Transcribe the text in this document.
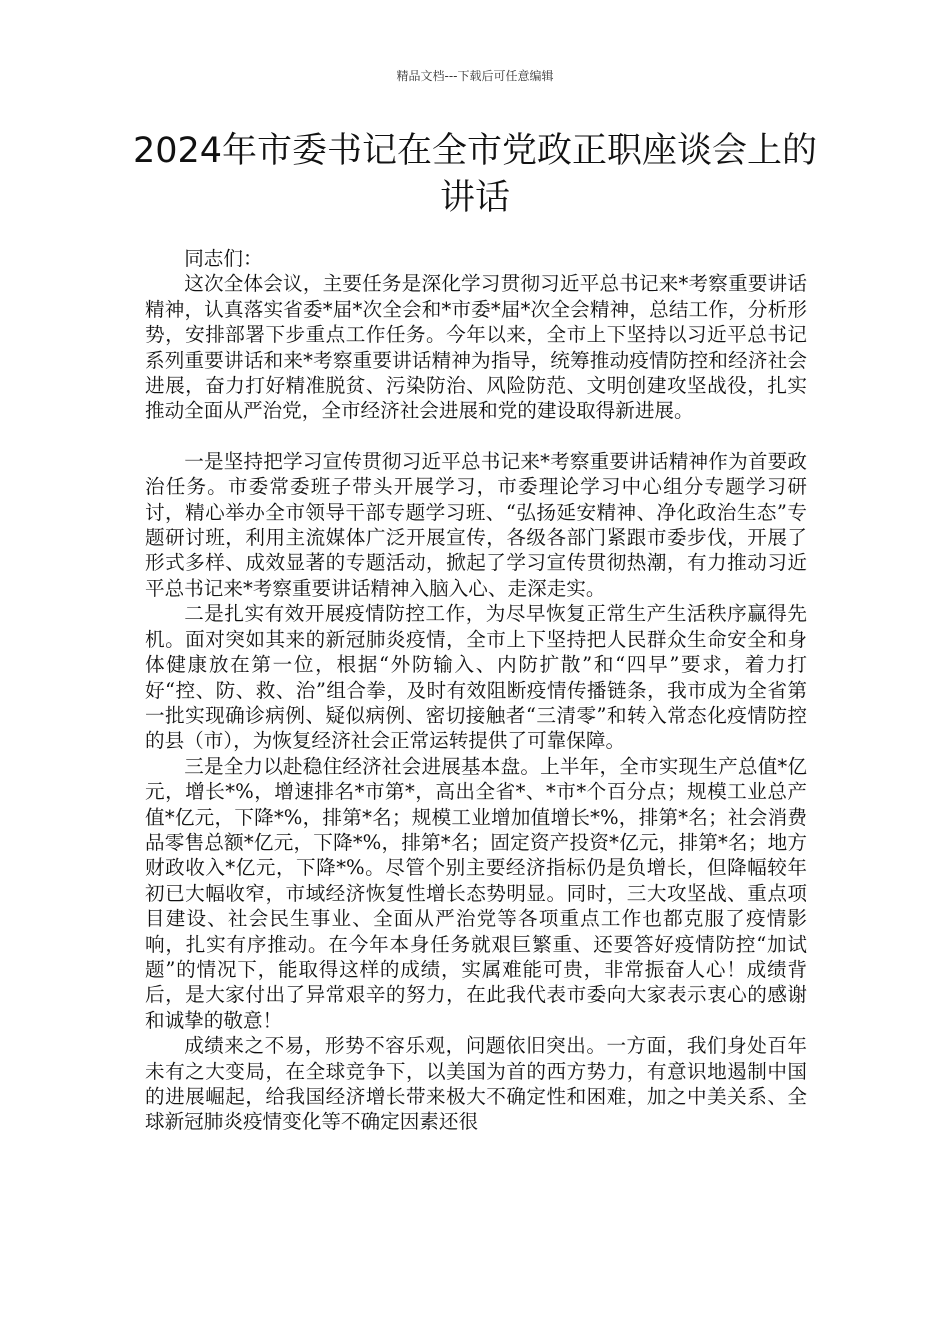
精品文档---下载后可任意编辑
2024年市委书记在全市党政正职座谈会上的讲话

同志们：

这次全体会议，主要任务是深化学习贯彻习近平总书记来*考察重要讲话精神，认真落实省委*届*次全会和*市委*届*次全会精神，总结工作，分析形势，安排部署下步重点工作任务。今年以来，全市上下坚持以习近平总书记系列重要讲话和来*考察重要讲话精神为指导，统筹推动疫情防控和经济社会进展，奋力打好精准脱贫、污染防治、风险防范、文明创建攻坚战役，扎实推动全面从严治党，全市经济社会进展和党的建设取得新进展。

一是坚持把学习宣传贯彻习近平总书记来*考察重要讲话精神作为首要政治任务。市委常委班子带头开展学习，市委理论学习中心组分专题学习研讨，精心举办全市领导干部专题学习班、“弘扬延安精神、净化政治生态”专题研讨班，利用主流媒体广泛开展宣传，各级各部门紧跟市委步伐，开展了形式多样、成效显著的专题活动，掀起了学习宣传贯彻热潮，有力推动习近平总书记来*考察重要讲话精神入脑入心、走深走实。

二是扎实有效开展疫情防控工作，为尽早恢复正常生产生活秩序赢得先机。面对突如其来的新冠肺炎疫情，全市上下坚持把人民群众生命安全和身体健康放在第一位，根据“外防输入、内防扩散”和“四早”要求，着力打好“控、防、救、治”组合拳，及时有效阻断疫情传播链条，我市成为全省第一批实现确诊病例、疑似病例、密切接触者“三清零”和转入常态化疫情防控的县（市），为恢复经济社会正常运转提供了可靠保障。

三是全力以赴稳住经济社会进展基本盘。上半年，全市实现生产总值*亿元，增长*%，增速排名*市第*，高出全省*、*市*个百分点；规模工业总产值*亿元，下降*%，排第*名；规模工业增加值增长*%，排第*名；社会消费品零售总额*亿元，下降*%，排第*名；固定资产投资*亿元，排第*名；地方财政收入*亿元，下降*%。尽管个别主要经济指标仍是负增长，但降幅较年初已大幅收窄，市域经济恢复性增长态势明显。同时，三大攻坚战、重点项目建设、社会民生事业、全面从严治党等各项重点工作也都克服了疫情影响，扎实有序推动。在今年本身任务就艰巨繁重、还要答好疫情防控“加试题”的情况下，能取得这样的成绩，实属难能可贵，非常振奋人心！成绩背后，是大家付出了异常艰辛的努力，在此我代表市委向大家表示衷心的感谢和诚挚的敬意！

成绩来之不易，形势不容乐观，问题依旧突出。一方面，我们身处百年未有之大变局，在全球竞争下，以美国为首的西方势力，有意识地遏制中国的进展崛起，给我国经济增长带来极大不确定性和困难，加之中美关系、全球新冠肺炎疫情变化等不确定因素还很
